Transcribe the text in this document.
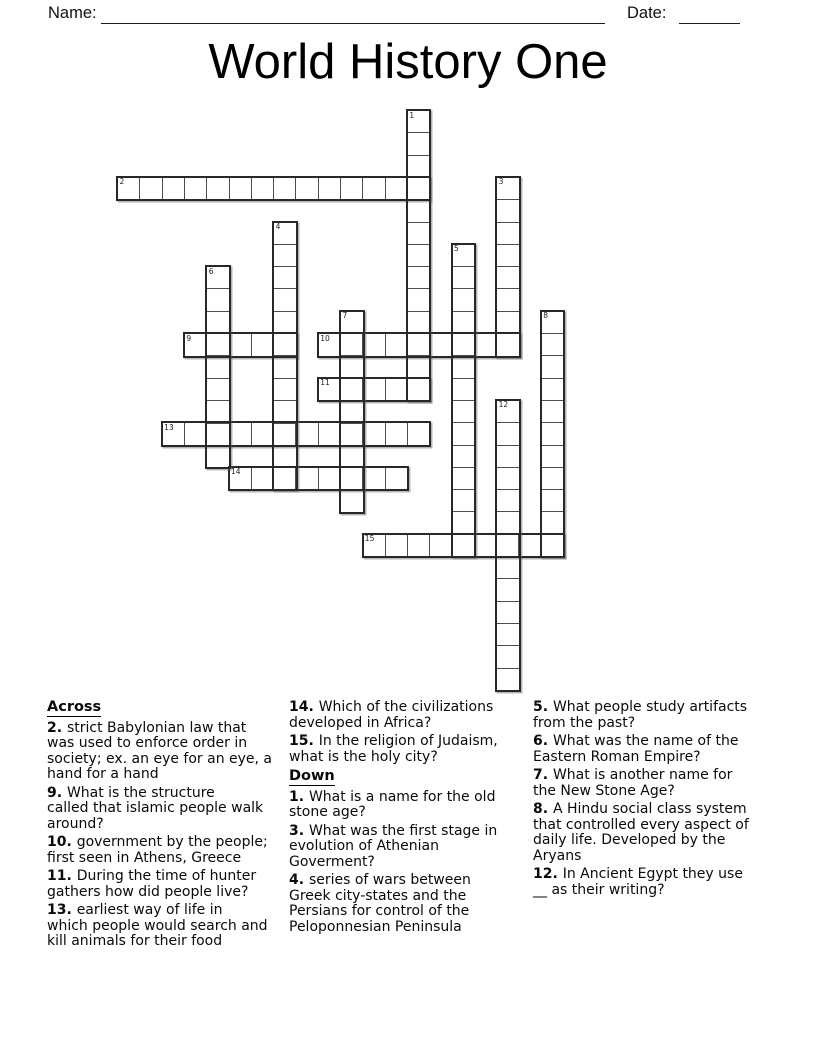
Name:	Date:
World History One
2
9	10
11
13
14
15
1
3
4
5
6
7	8
12
Across
2. strict Babylonian law that
was used to enforce order in
society; ex. an eye for an eye, a
hand for a hand
9. What is the structure
called that islamic people walk
around?
10. government by the people;
first seen in Athens, Greece
11. During the time of hunter
gathers how did people live?
13. earliest way of life in
which people would search and
kill animals for their food
14. Which of the civilizations
developed in Africa?
15. In the religion of Judaism,
what is the holy city?
Down
1. What is a name for the old
stone age?
3. What was the first stage in
evolution of Athenian
Goverment?
4. series of wars between
Greek city-states and the
Persians for control of the
Peloponnesian Peninsula
5. What people study artifacts
from the past?
6. What was the name of the
Eastern Roman Empire?
7. What is another name for
the New Stone Age?
8. A Hindu social class system
that controlled every aspect of
daily life. Developed by the
Aryans
12. In Ancient Egypt they use
__ as their writing?
